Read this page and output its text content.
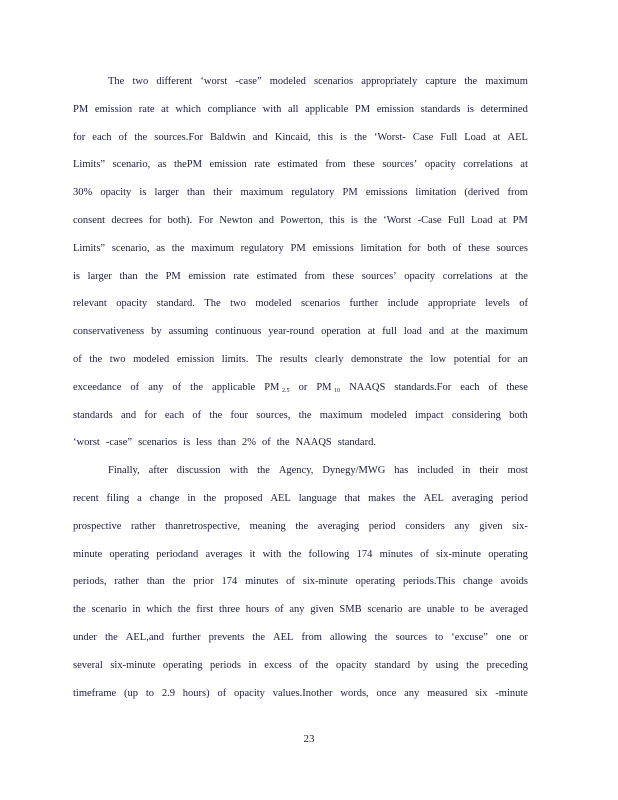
The two different ‘worst -case” modeled scenarios appropriately capture the maximum
PM emission rate at which compliance with all applicable PM emission standards is determined
for each of the sources.For Baldwin and Kincaid, this is the ‘Worst- Case Full Load at AEL
Limits” scenario, as thePM emission rate estimated from these sources’ opacity correlations at
30% opacity is larger than their maximum regulatory PM emissions limitation (derived from
consent decrees for both). For Newton and Powerton, this is the ‘Worst -Case Full Load at PM
Limits” scenario, as the maximum regulatory PM emissions limitation for both of these sources
is larger than the PM emission rate estimated from these sources’ opacity correlations at the
relevant opacity standard. The two modeled scenarios further include appropriate levels of
conservativeness by assuming continuous year-round operation at full load and at the maximum
of the two modeled emission limits. The results clearly demonstrate the low potential for an
exceedance of any of the applicable PM $_{2.5}$ or PM $_{10}$ NAAQS standards.For each of these
standards and for each of the four sources, the maximum modeled impact considering both
‘worst -case” scenarios is less than 2% of the NAAQS standard.
Finally, after discussion with the Agency, Dynegy/MWG has included in their most
recent filing a change in the proposed AEL language that makes the AEL averaging period
prospective rather thanretrospective, meaning the averaging period considers any given six-
minute operating periodand averages it with the following 174 minutes of six-minute operating
periods, rather than the prior 174 minutes of six-minute operating periods.This change avoids
the scenario in which the first three hours of any given SMB scenario are unable to be averaged
under the AEL,and further prevents the AEL from allowing the sources to ‘excuse” one or
several six-minute operating periods in excess of the opacity standard by using the preceding
timeframe (up to 2.9 hours) of opacity values.Inother words, once any measured six -minute
23
